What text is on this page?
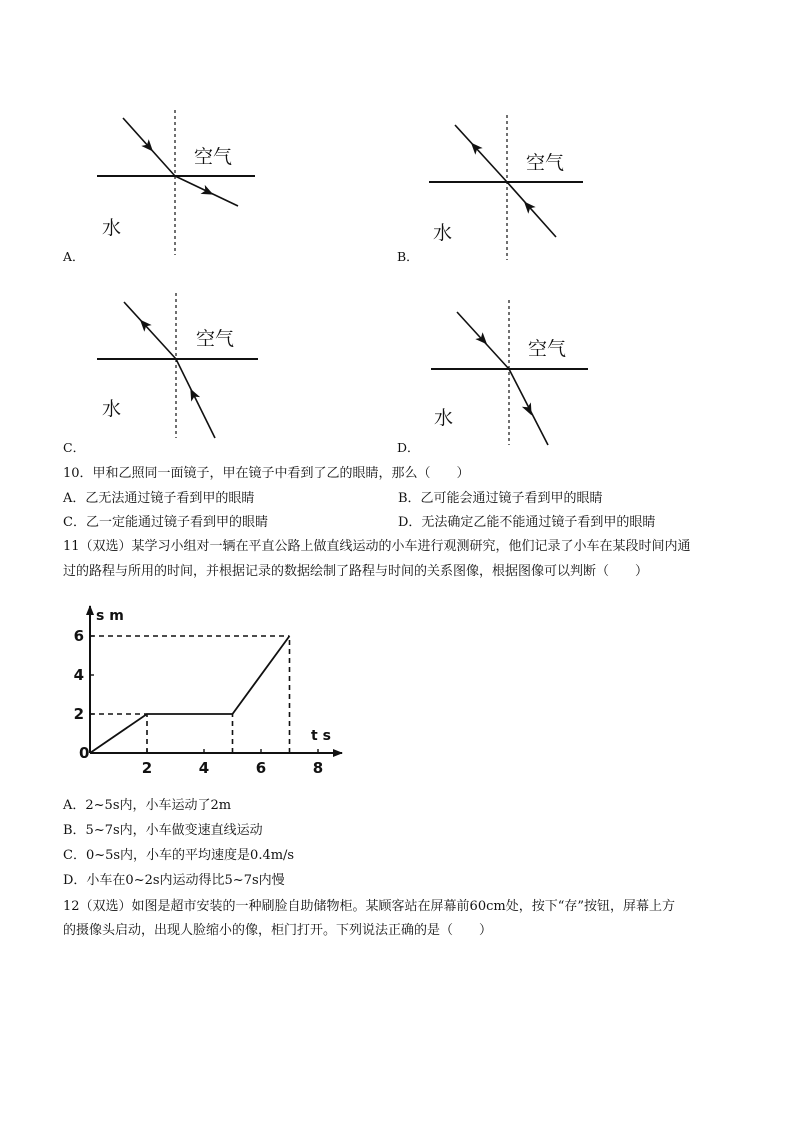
空气
水
A．
空气
水
B．
空气
水
C．
空气
水
D．
10．甲和乙照同一面镜子，甲在镜子中看到了乙的眼睛，那么（　　）
A．乙无法通过镜子看到甲的眼睛	B．乙可能会通过镜子看到甲的眼睛
C．乙一定能通过镜子看到甲的眼睛	D．无法确定乙能不能通过镜子看到甲的眼睛
11（双选）某学习小组对一辆在平直公路上做直线运动的小车进行观测研究，他们记录了小车在某段时间内通
过的路程与所用的时间，并根据记录的数据绘制了路程与时间的关系图像，根据图像可以判断（　　）
s m
t s
0
2	4	6	8
2
4
6
A．2~5s内，小车运动了2m
B．5~7s内，小车做变速直线运动
C．0~5s内，小车的平均速度是0.4m/s
D．小车在0~2s内运动得比5~7s内慢
12（双选）如图是超市安装的一种刷脸自助储物柜。某顾客站在屏幕前60cm处，按下“存”按钮，屏幕上方
的摄像头启动，出现人脸缩小的像，柜门打开。下列说法正确的是（　　）
